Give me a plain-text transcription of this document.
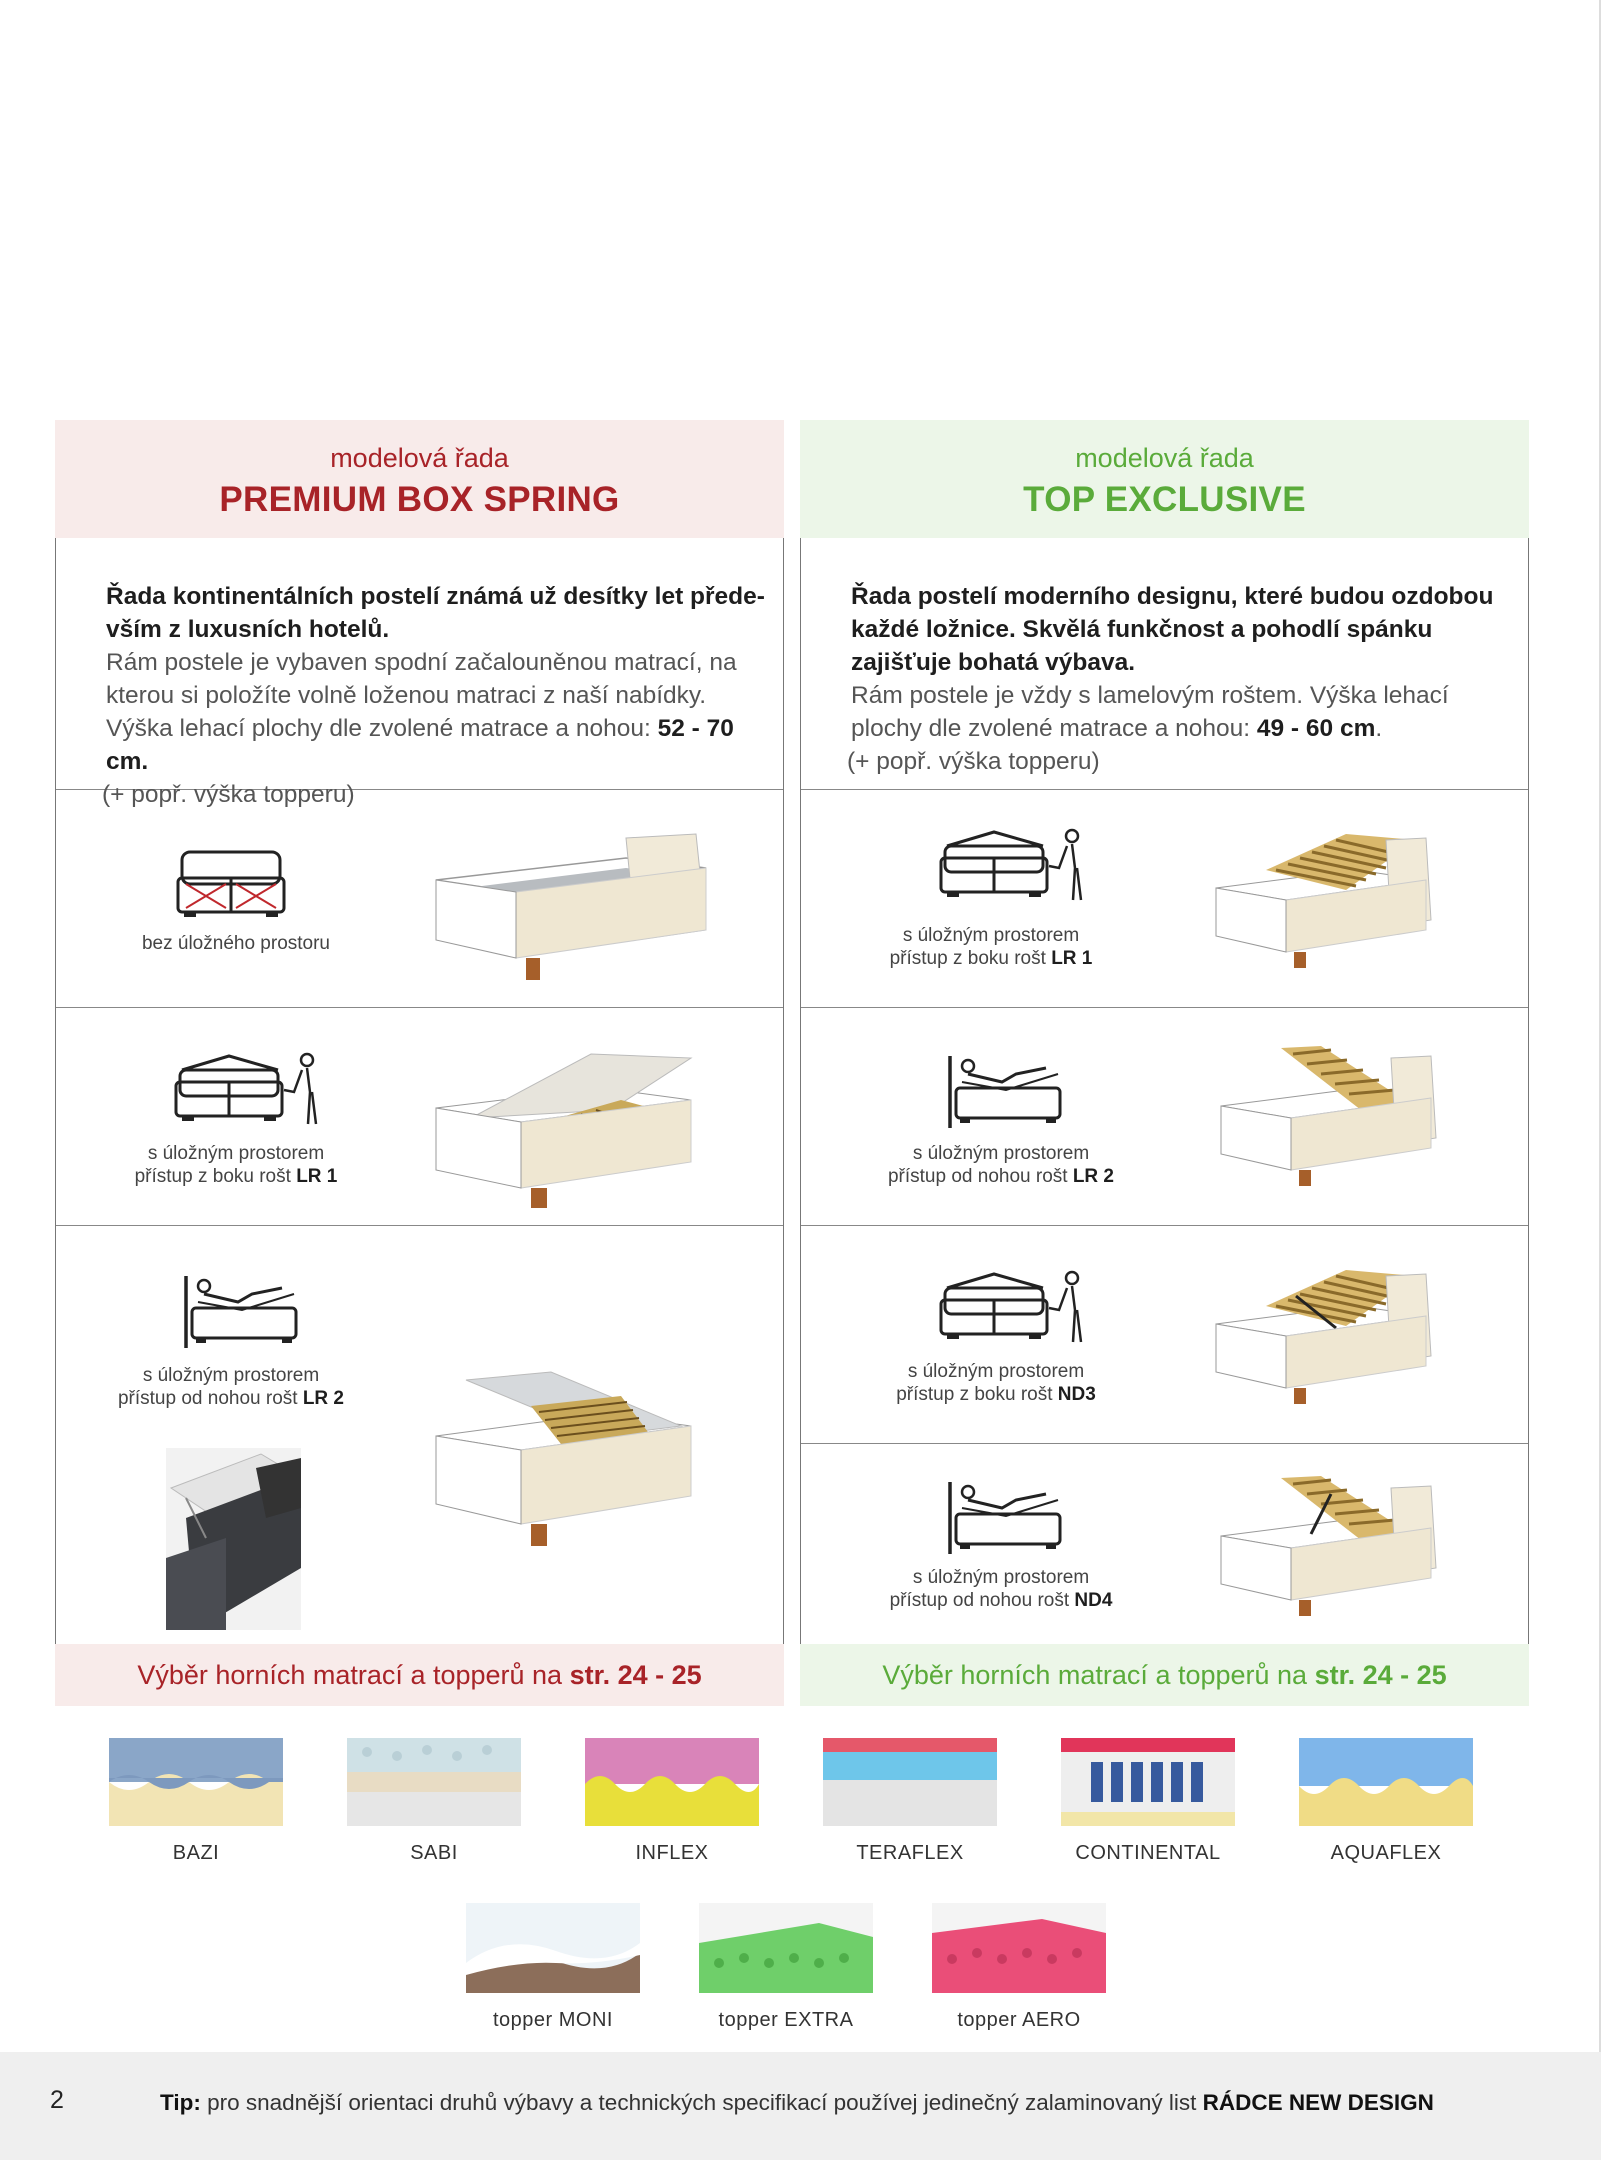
modelová řada
PREMIUM BOX SPRING
Řada kontinentálních postelí známá už desítky let přede-
vším z luxusních hotelů.
Rám postele je vybaven spodní začalouněnou matrací, na
kterou si položíte volně loženou matraci z naší nabídky.
Výška lehací plochy dle zvolené matrace a nohou: 52 - 70 cm.
(+ popř. výška topperu)
bez úložného prostoru
s úložným prostorem
přístup z boku rošt LR 1
s úložným prostorem
přístup od nohou rošt LR 2
Výběr horních matrací a topperů na str. 24 - 25
modelová řada
TOP EXCLUSIVE
Řada postelí moderního designu, které budou ozdobou
každé ložnice. Skvělá funkčnost a pohodlí spánku
zajišťuje bohatá výbava.
Rám postele je vždy s lamelovým roštem. Výška lehací
plochy dle zvolené matrace a nohou: 49 - 60 cm.
(+ popř. výška topperu)
s úložným prostorem
přístup z boku rošt LR 1
s úložným prostorem
přístup od nohou rošt LR 2
s úložným prostorem
přístup z boku rošt ND3
s úložným prostorem
přístup od nohou rošt ND4
Výběr horních matrací a topperů na str. 24 - 25
BAZI	SABI	INFLEX	TERAFLEX	CONTINENTAL	AQUAFLEX
topper MONI	topper EXTRA	topper AERO
2	Tip: pro snadnější orientaci druhů výbavy a technických specifikací používej jedinečný zalaminovaný list RÁDCE NEW DESIGN
